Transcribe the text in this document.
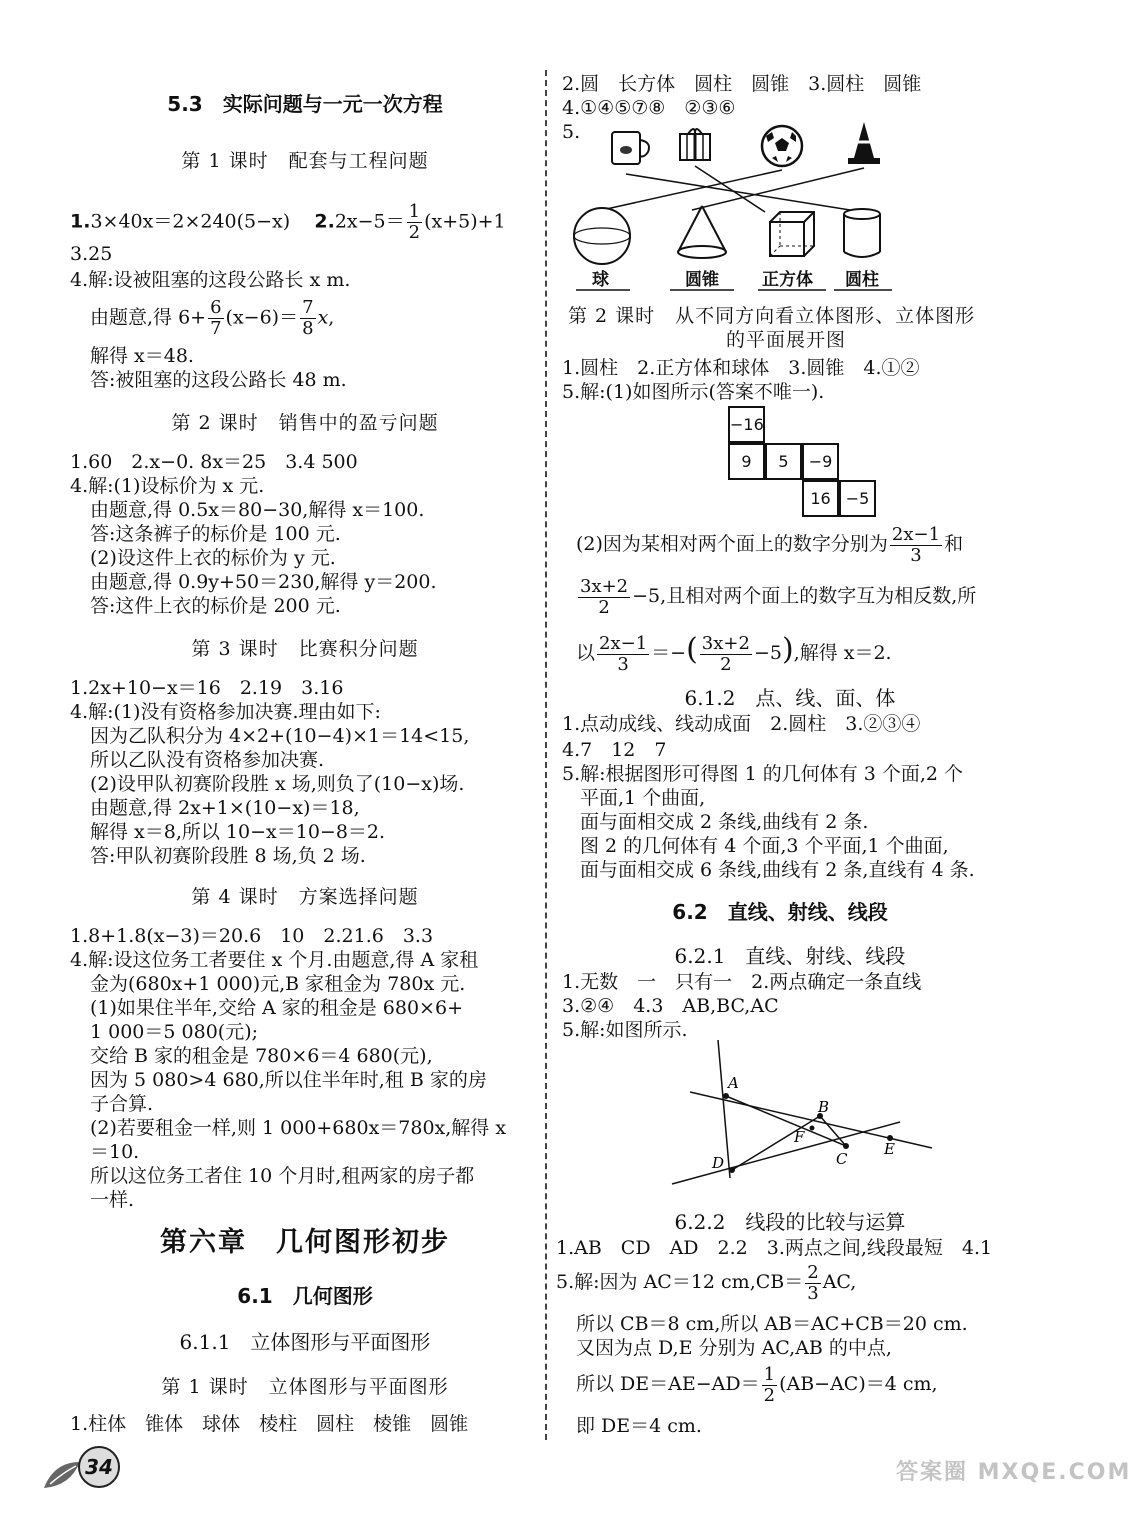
5.3　实际问题与一元一次方程
第 1 课时　配套与工程问题
1.3×40x＝2×240(5−x) $2.2x-5= \frac{1}{2} (x+5)+1$
3.25
4.解:设被阻塞的这段公路长 x m.
由题意,得 $6+ \frac{6}{7} (x-6)= \frac{7}{8} x$,
解得 x＝48.
答:被阻塞的这段公路长 48 m.
第 2 课时　销售中的盈亏问题
1.60　2.x−0. 8x＝25　3.4 500
4.解:(1)设标价为 x 元.
由题意,得 0.5x＝80−30,解得 x＝100.
答:这条裤子的标价是 100 元.
(2)设这件上衣的标价为 y 元.
由题意,得 0.9y+50＝230,解得 y＝200.
答:这件上衣的标价是 200 元.
第 3 课时　比赛积分问题
1.2x+10−x＝16　2.19　3.16
4.解:(1)没有资格参加决赛.理由如下:
因为乙队积分为 4×2+(10−4)×1＝14<15,
所以乙队没有资格参加决赛.
(2)设甲队初赛阶段胜 x 场,则负了(10−x)场.
由题意,得 2x+1×(10−x)＝18,
解得 x＝8,所以 10−x＝10−8＝2.
答:甲队初赛阶段胜 8 场,负 2 场.
第 4 课时　方案选择问题
1.8+1.8(x−3)＝20.6　10　2.21.6　3.3
4.解:设这位务工者要住 x 个月.由题意,得 A 家租
金为(680x+1 000)元,B 家租金为 780x 元.
(1)如果住半年,交给 A 家的租金是 680×6+
1 000＝5 080(元);
交给 B 家的租金是 780×6＝4 680(元),
因为 5 080>4 680,所以住半年时,租 B 家的房
子合算.
(2)若要租金一样,则 1 000+680x＝780x,解得 x
＝10.
所以这位务工者住 10 个月时,租两家的房子都
一样.
第六章　几何图形初步
6.1　几何图形
6.1.1　立体图形与平面图形
第 1 课时　立体图形与平面图形
1.柱体　锥体　球体　棱柱　圆柱　棱锥　圆锥
2.圆　长方体　圆柱　圆锥　3.圆柱　圆锥
4.①④⑤⑦⑧　②③⑥
5.
球	圆锥	正方体 圆柱
第 2 课时　从不同方向看立体图形、立体图形
的平面展开图
1.圆柱　2.正方体和球体　3.圆锥　4.①②
5.解:(1)如图所示(答案不唯一).
−16
9	5	−9
16 −5
(2)因为某相对两个面上的数字分别为 $\frac{2x-1}{3}$ 和
$\frac{3x+2}{2} -5$,且相对两个面上的数字互为相反数,所
以 $\frac{2x-1}{3}$ ＝−( $\frac{3x+2}{2} -5$),解得 x＝2.
6.1.2　点、线、面、体
1.点动成线、线动成面　2.圆柱　3.②③④
4.7　12　7
5.解:根据图形可得图 1 的几何体有 3 个面,2 个
平面,1 个曲面,
面与面相交成 2 条线,曲线有 2 条.
图 2 的几何体有 4 个面,3 个平面,1 个曲面,
面与面相交成 6 条线,曲线有 2 条,直线有 4 条.
6.2　直线、射线、线段
6.2.1　直线、射线、线段
1.无数　一　只有一　2.两点确定一条直线
3.②④　4.3　AB,BC,AC
5.解:如图所示.
A
B
F
E
C
D
6.2.2　线段的比较与运算
1.AB　CD　AD　2.2　3.两点之间,线段最短　4.1
5.解:因为 AC＝12 $cm,CB= \frac{2}{3}$ AC,
所以 CB＝8 cm,所以 AB＝AC+CB＝20 cm.
又因为点 D,E 分别为 AC,AB 的中点,
所以 $DE=AE-AD= \frac{1}{2} (AB-AC)=4$ cm,
即 DE＝4 cm.
34	答案圈 MXQE.COM
